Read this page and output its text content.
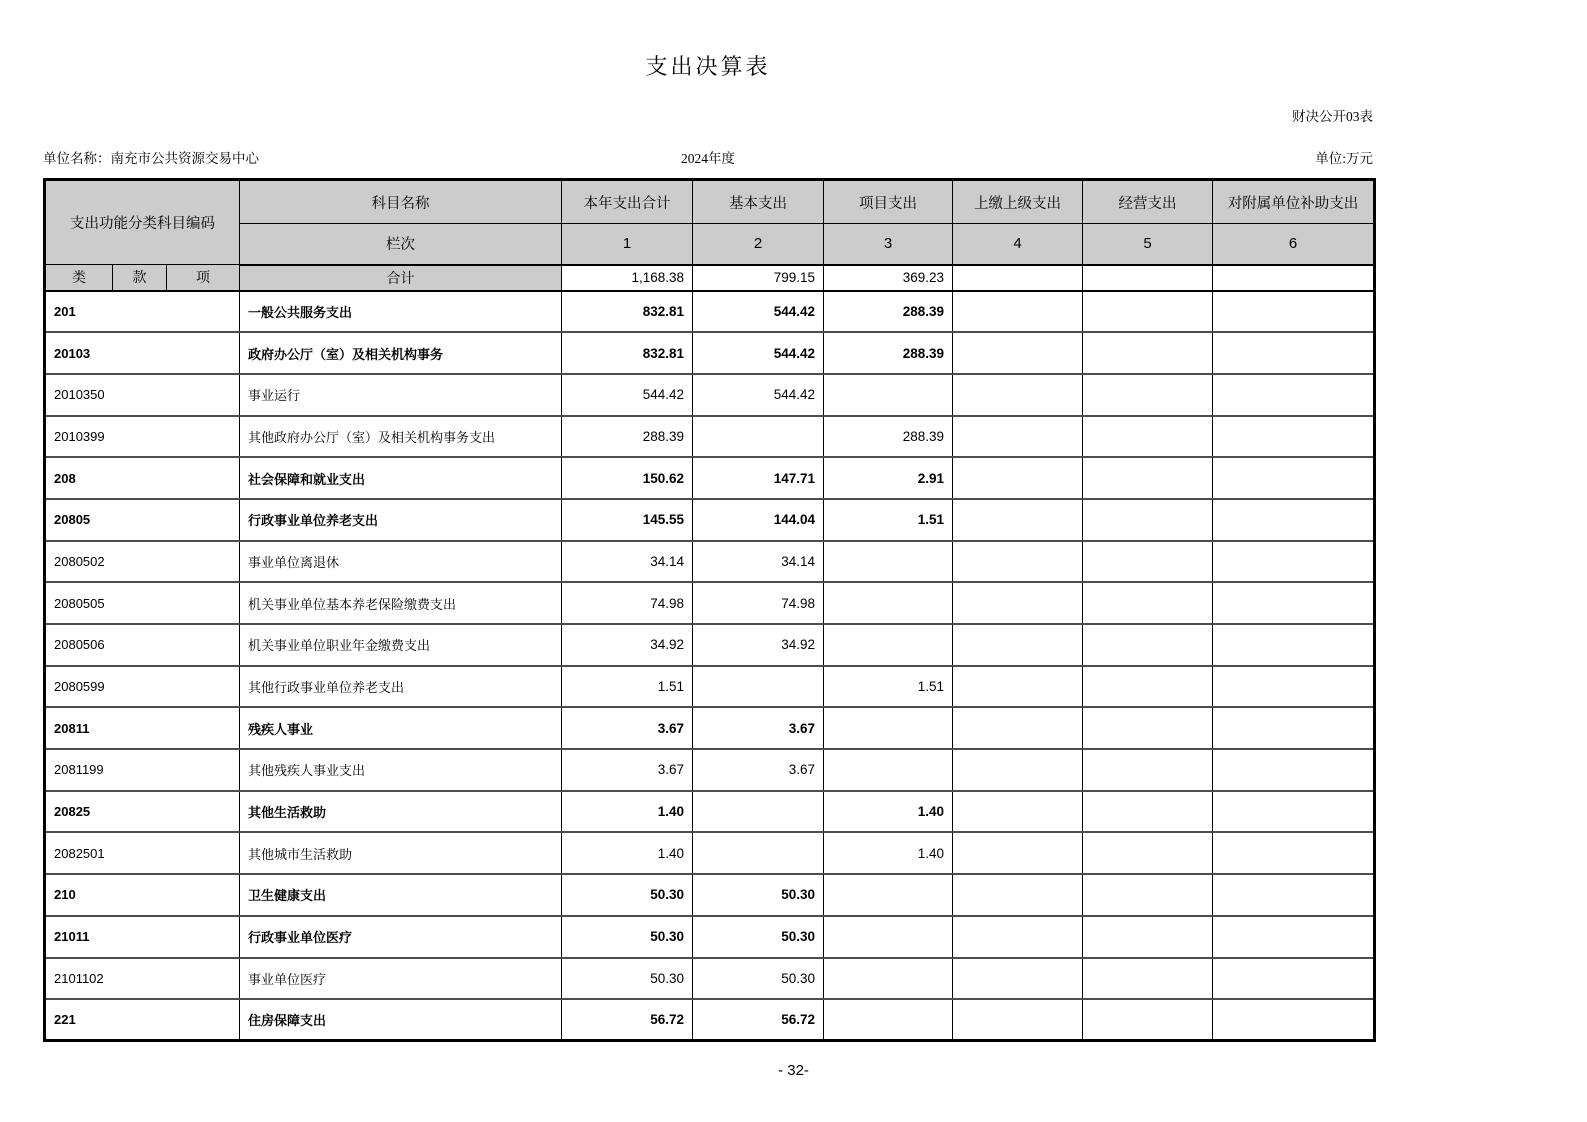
支出决算表
财决公开03表
单位名称：南充市公共资源交易中心	2024年度	单位:万元
支出功能分类科目编码			科目名称	本年支出合计	基本支出	项目支出	上缴上级支出	经营支出	对附属单位补助支出
			栏次	1	2	3	4	5	6
类	款	项	合计	1,168.38	799.15	369.23			
201			一般公共服务支出	832.81	544.42	288.39			
20103			政府办公厅（室）及相关机构事务	832.81	544.42	288.39			
2010350			事业运行	544.42	544.42				
2010399			其他政府办公厅（室）及相关机构事务支出	288.39		288.39			
208			社会保障和就业支出	150.62	147.71	2.91			
20805			行政事业单位养老支出	145.55	144.04	1.51			
2080502			事业单位离退休	34.14	34.14				
2080505			机关事业单位基本养老保险缴费支出	74.98	74.98				
2080506			机关事业单位职业年金缴费支出	34.92	34.92				
2080599			其他行政事业单位养老支出	1.51		1.51			
20811			残疾人事业	3.67	3.67				
2081199			其他残疾人事业支出	3.67	3.67				
20825			其他生活救助	1.40		1.40			
2082501			其他城市生活救助	1.40		1.40			
210			卫生健康支出	50.30	50.30				
21011			行政事业单位医疗	50.30	50.30				
2101102			事业单位医疗	50.30	50.30				
221			住房保障支出	56.72	56.72				
- 32-
